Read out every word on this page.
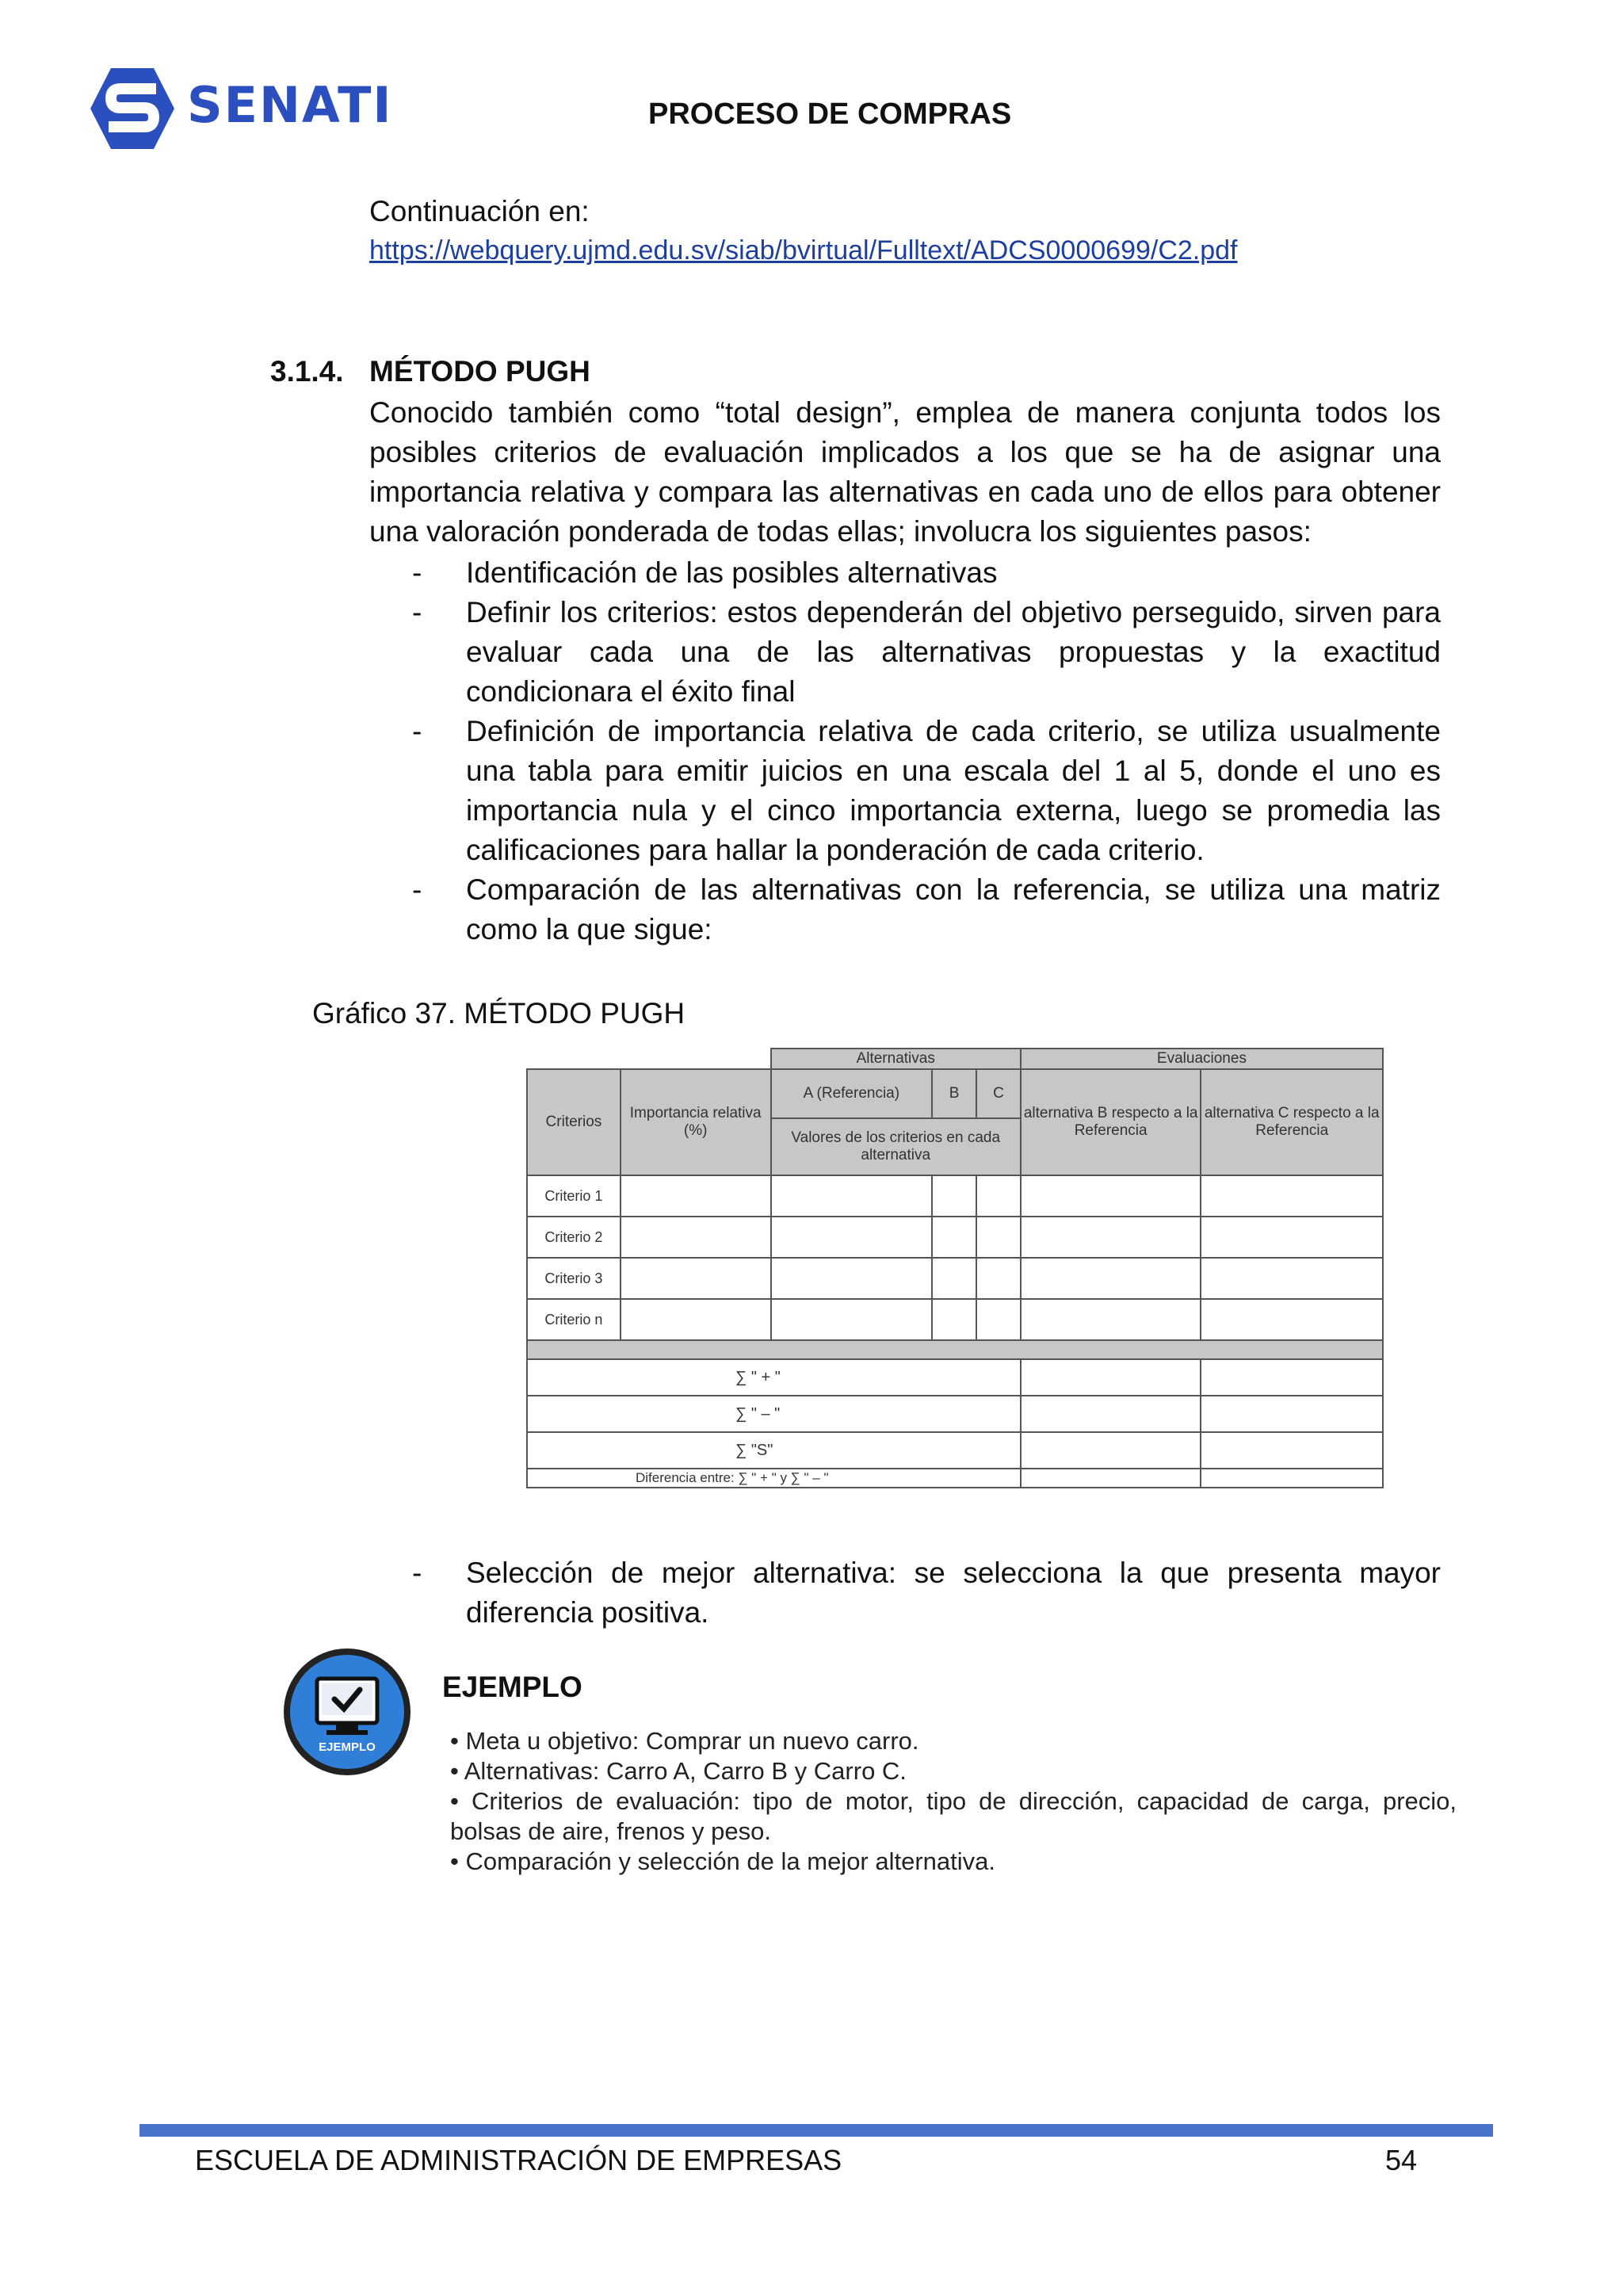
SENATI	PROCESO DE COMPRAS
Continuación en:
https://webquery.ujmd.edu.sv/siab/bvirtual/Fulltext/ADCS0000699/C2.pdf
3.1.4. MÉTODO PUGH

Conocido también como “total design”, emplea de manera conjunta todos los posibles criterios de evaluación implicados a los que se ha de asignar una importancia relativa y compara las alternativas en cada uno de ellos para obtener una valoración ponderada de todas ellas; involucra los siguientes pasos:

- Identificación de las posibles alternativas
- Definir los criterios: estos dependerán del objetivo perseguido, sirven para evaluar cada una de las alternativas propuestas y la exactitud condicionara el éxito final
- Definición de importancia relativa de cada criterio, se utiliza usualmente una tabla para emitir juicios en una escala del 1 al 5, donde el uno es importancia nula y el cinco importancia externa, luego se promedia las calificaciones para hallar la ponderación de cada criterio.
- Comparación de las alternativas con la referencia, se utiliza una matriz como la que sigue:
Gráfico 37. MÉTODO PUGH
		Alternativas			Evaluaciones	
Criterios	Importancia relativa (%)	A (Referencia)	B	C	alternativa B respecto a la Referencia	alternativa C respecto a la Referencia
		Valores de los criterios en cada alternativa				
Criterio 1						
Criterio 2						
Criterio 3						
Criterio n						

∑ " + "						
∑ " – "						
∑ "S"						
Diferencia entre: ∑ " + " y ∑ " – "						
- Selección de mejor alternativa: se selecciona la que presenta mayor diferencia positiva.
EJEMPLO
EJEMPLO
• Meta u objetivo: Comprar un nuevo carro.
• Alternativas: Carro A, Carro B y Carro C.
• Criterios de evaluación: tipo de motor, tipo de dirección, capacidad de carga, precio, bolsas de aire, frenos y peso.
• Comparación y selección de la mejor alternativa.
ESCUELA DE ADMINISTRACIÓN DE EMPRESAS	54
